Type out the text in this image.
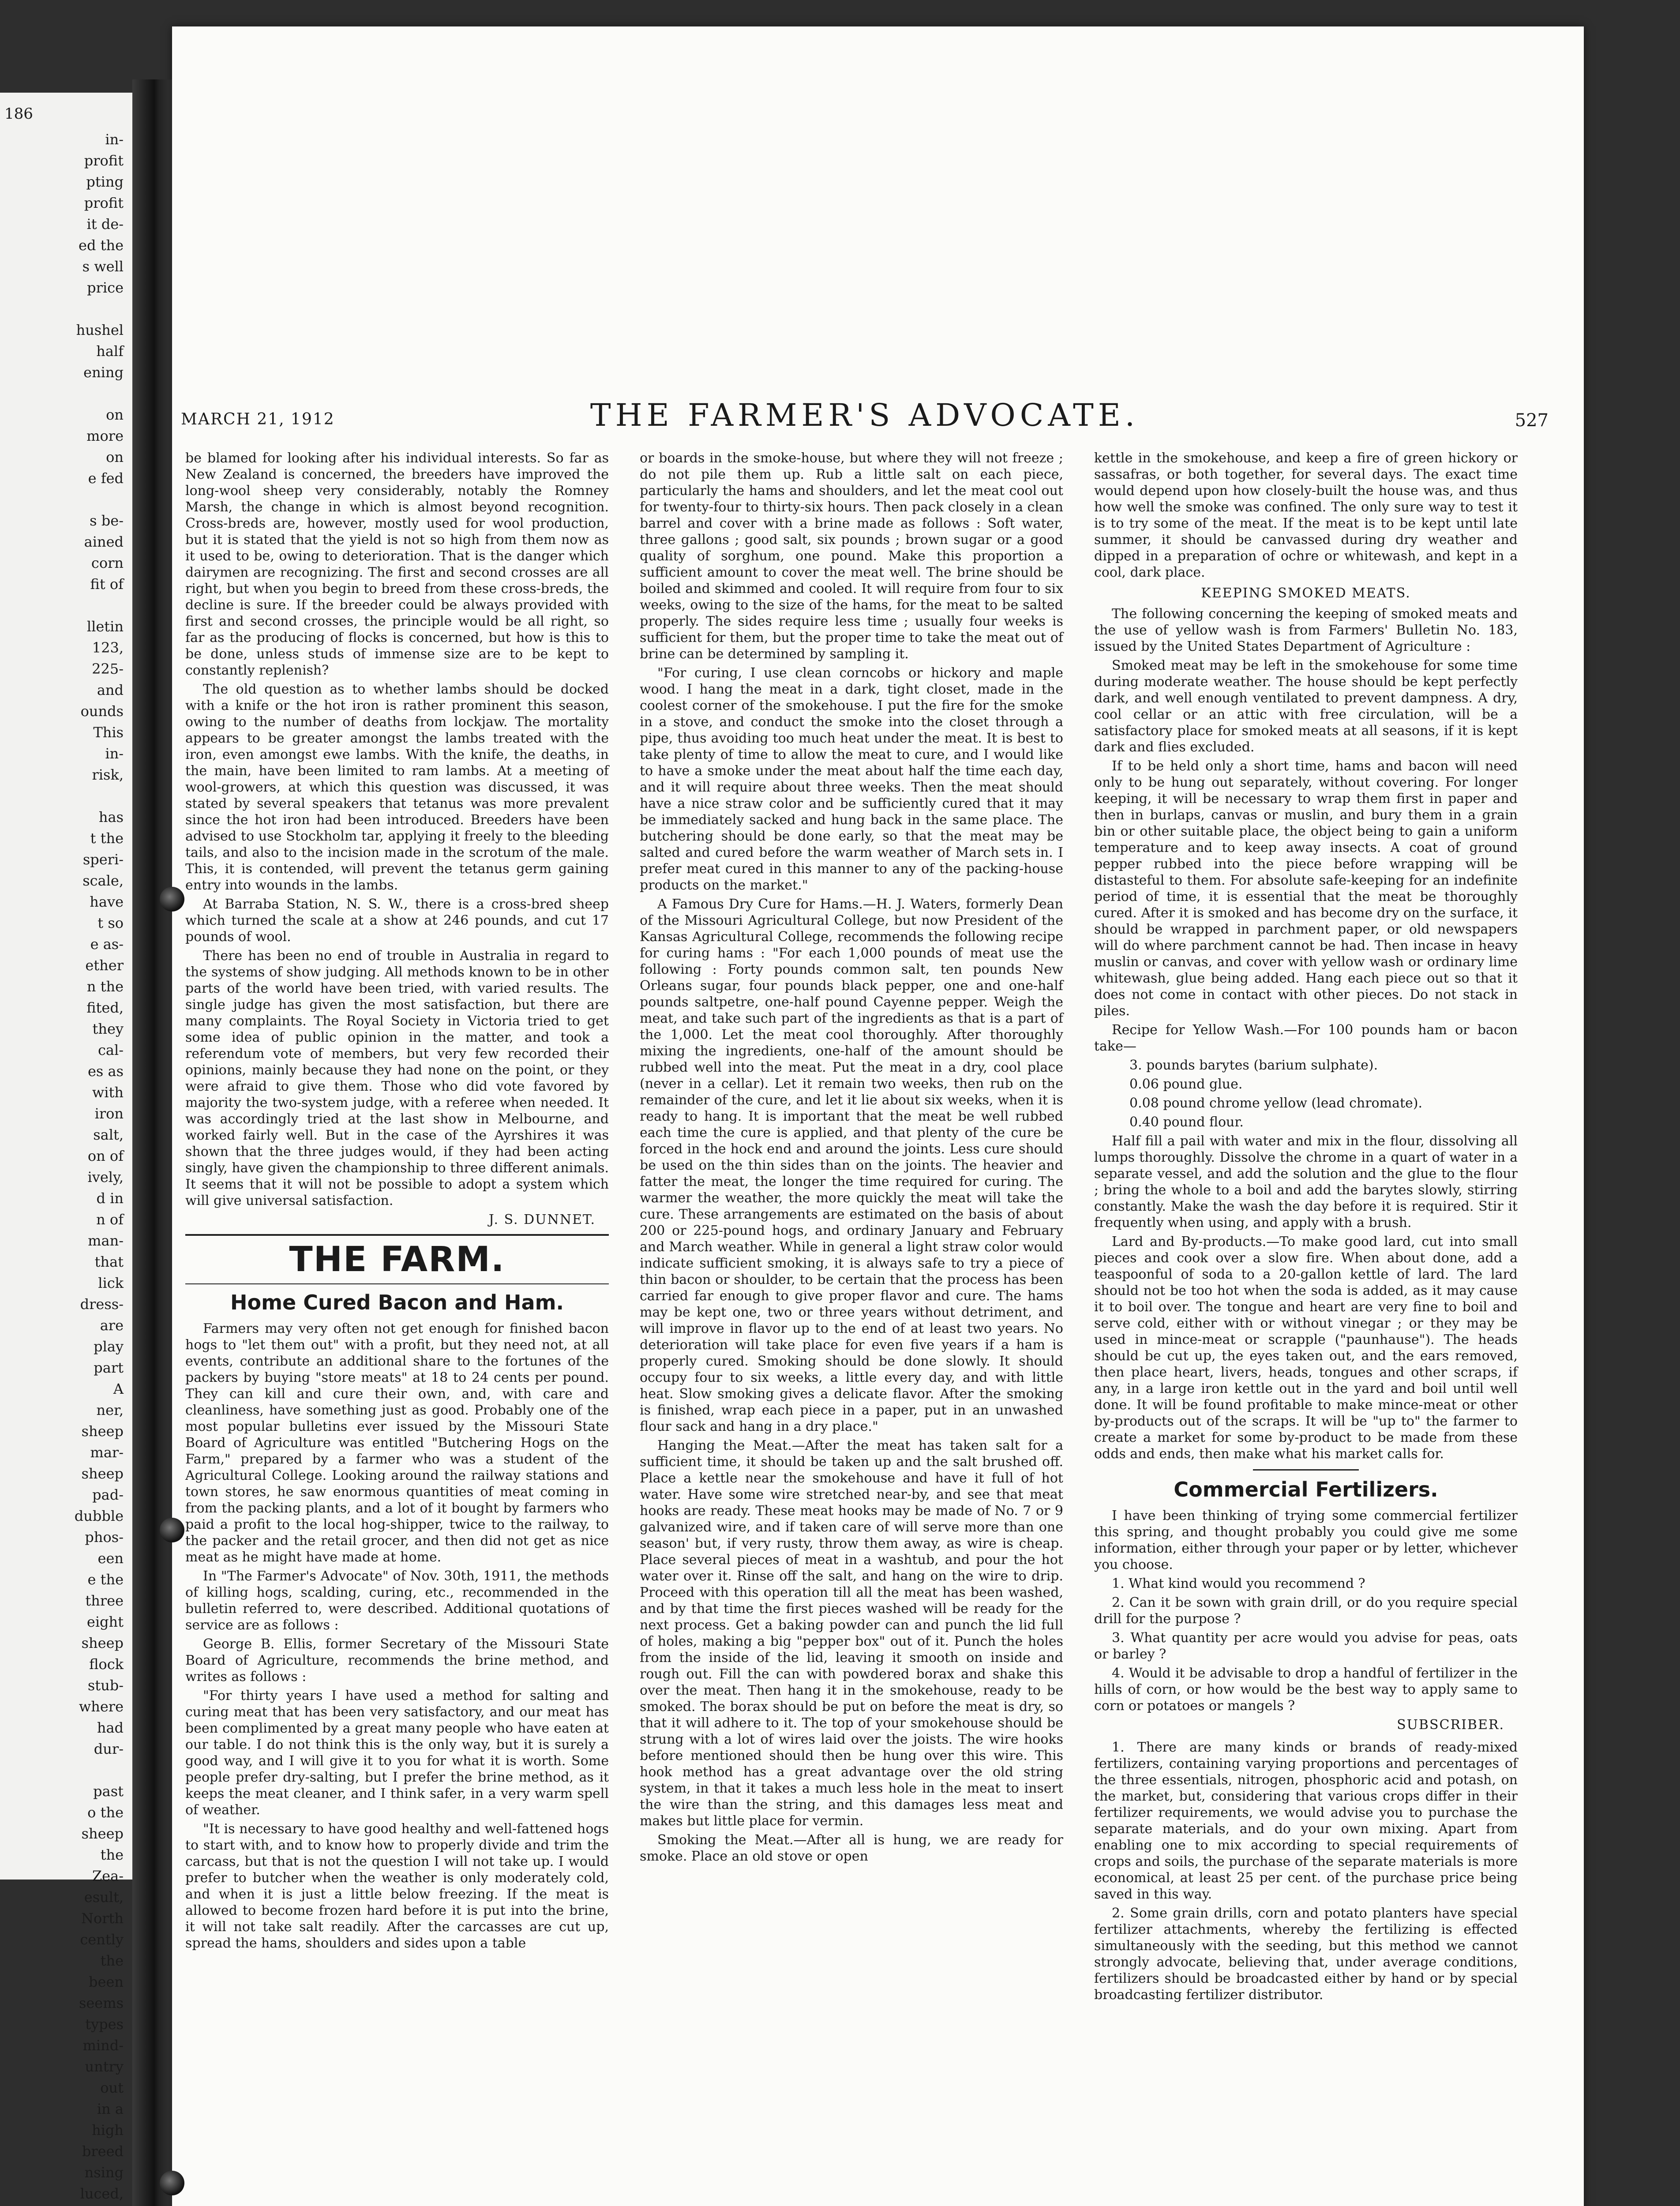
186
in-
profit
pting
profit
it de-
ed the
s well
price

hushel
half
ening

on
more
on
e fed

s be-
ained
corn
fit of

lletin
123,
225-
and
ounds
This
in-
risk,

has
t the
speri-
scale,
have
t so
e as-
ether
n the
fited,
they
cal-
es as
with
iron
salt,
on of
ively,
d in
n of
man-
that
lick
dress-
are
play
part
A
ner,
sheep
mar-
sheep
pad-
dubble
phos-
een
e the
three
eight
sheep
flock
stub-
where
had
dur-

past
o the
sheep
the
Zea-
esult,
North
cently
the
been
seems
types
mind-
untry
out
in a
high
breed
nsing
luced,

MARCH 21, 1912	THE FARMER'S ADVOCATE.	527

be blamed for looking after his individual interests. So far as New Zealand is concerned, the breeders have improved the long-wool sheep very considerably, notably the Romney Marsh, the change in which is almost beyond recognition. Cross-breds are, however, mostly used for wool production, but it is stated that the yield is not so high from them now as it used to be, owing to deterioration. That is the danger which dairymen are recognizing. The first and second crosses are all right, but when you begin to breed from these cross-breds, the decline is sure. If the breeder could be always provided with first and second crosses, the principle would be all right, so far as the producing of flocks is concerned, but how is this to be done, unless studs of immense size are to be kept to constantly replenish?

The old question as to whether lambs should be docked with a knife or the hot iron is rather prominent this season, owing to the number of deaths from lockjaw. The mortality appears to be greater amongst the lambs treated with the iron, even amongst ewe lambs. With the knife, the deaths, in the main, have been limited to ram lambs. At a meeting of wool-growers, at which this question was discussed, it was stated by several speakers that tetanus was more prevalent since the hot iron had been introduced. Breeders have been advised to use Stockholm tar, applying it freely to the bleeding tails, and also to the incision made in the scrotum of the male. This, it is contended, will prevent the tetanus germ gaining entry into wounds in the lambs.

At Barraba Station, N. S. W., there is a cross-bred sheep which turned the scale at a show at 246 pounds, and cut 17 pounds of wool.

There has been no end of trouble in Australia in regard to the systems of show judging. All methods known to be in other parts of the world have been tried, with varied results. The single judge has given the most satisfaction, but there are many complaints. The Royal Society in Victoria tried to get some idea of public opinion in the matter, and took a referendum vote of members, but very few recorded their opinions, mainly because they had none on the point, or they were afraid to give them. Those who did vote favored by majority the two-system judge, with a referee when needed. It was accordingly tried at the last show in Melbourne, and worked fairly well. But in the case of the Ayrshires it was shown that the three judges would, if they had been acting singly, have given the championship to three different animals. It seems that it will not be possible to adopt a system which will give universal satisfaction.

J. S. DUNNET.
THE FARM.
Home Cured Bacon and Ham.

Farmers may very often not get enough for finished bacon hogs to "let them out" with a profit, but they need not, at all events, contribute an additional share to the fortunes of the packers by buying "store meats" at 18 to 24 cents per pound. They can kill and cure their own, and, with care and cleanliness, have something just as good. Probably one of the most popular bulletins ever issued by the Missouri State Board of Agriculture was entitled "Butchering Hogs on the Farm," prepared by a farmer who was a student of the Agricultural College. Looking around the railway stations and town stores, he saw enormous quantities of meat coming in from the packing plants, and a lot of it bought by farmers who paid a profit to the local hog-shipper, twice to the railway, to the packer and the retail grocer, and then did not get as nice meat as he might have made at home.

In "The Farmer's Advocate" of Nov. 30th, 1911, the methods of killing hogs, scalding, curing, etc., recommended in the bulletin referred to, were described. Additional quotations of service are as follows :

George B. Ellis, former Secretary of the Missouri State Board of Agriculture, recommends the brine method, and writes as follows :

"For thirty years I have used a method for salting and curing meat that has been very satisfactory, and our meat has been complimented by a great many people who have eaten at our table. I do not think this is the only way, but it is surely a good way, and I will give it to you for what it is worth. Some people prefer dry-salting, but I prefer the brine method, as it keeps the meat cleaner, and I think safer, in a very warm spell of weather.

"It is necessary to have good healthy and well-fattened hogs to start with, and to know how to properly divide and trim the carcass, but that is not the question I will not take up. I would prefer to butcher when the weather is only moderately cold, and when it is just a little below freezing. If the meat is allowed to become frozen hard before it is put into the brine, it will not take salt readily. After the carcasses are cut up, spread the hams, shoulders and sides upon a table

or boards in the smoke-house, but where they will not freeze ; do not pile them up. Rub a little salt on each piece, particularly the hams and shoulders, and let the meat cool out for twenty-four to thirty-six hours. Then pack closely in a clean barrel and cover with a brine made as follows : Soft water, three gallons ; good salt, six pounds ; brown sugar or a good quality of sorghum, one pound. Make this proportion a sufficient amount to cover the meat well. The brine should be boiled and skimmed and cooled. It will require from four to six weeks, owing to the size of the hams, for the meat to be salted properly. The sides require less time ; usually four weeks is sufficient for them, but the proper time to take the meat out of brine can be determined by sampling it.

"For curing, I use clean corncobs or hickory and maple wood. I hang the meat in a dark, tight closet, made in the coolest corner of the smokehouse. I put the fire for the smoke in a stove, and conduct the smoke into the closet through a pipe, thus avoiding too much heat under the meat. It is best to take plenty of time to allow the meat to cure, and I would like to have a smoke under the meat about half the time each day, and it will require about three weeks. Then the meat should have a nice straw color and be sufficiently cured that it may be immediately sacked and hung back in the same place. The butchering should be done early, so that the meat may be salted and cured before the warm weather of March sets in. I prefer meat cured in this manner to any of the packing-house products on the market."

A Famous Dry Cure for Hams.—H. J. Waters, formerly Dean of the Missouri Agricultural College, but now President of the Kansas Agricultural College, recommends the following recipe for curing hams : "For each 1,000 pounds of meat use the following : Forty pounds common salt, ten pounds New Orleans sugar, four pounds black pepper, one and one-half pounds saltpetre, one-half pound Cayenne pepper. Weigh the meat, and take such part of the ingredients as that is a part of the 1,000. Let the meat cool thoroughly. After thoroughly mixing the ingredients, one-half of the amount should be rubbed well into the meat. Put the meat in a dry, cool place (never in a cellar). Let it remain two weeks, then rub on the remainder of the cure, and let it lie about six weeks, when it is ready to hang. It is important that the meat be well rubbed each time the cure is applied, and that plenty of the cure be forced in the hock end and around the joints. Less cure should be used on the thin sides than on the joints. The heavier and fatter the meat, the longer the time required for curing. The warmer the weather, the more quickly the meat will take the cure. These arrangements are estimated on the basis of about 200 or 225-pound hogs, and ordinary January and February and March weather. While in general a light straw color would indicate sufficient smoking, it is always safe to try a piece of thin bacon or shoulder, to be certain that the process has been carried far enough to give proper flavor and cure. The hams may be kept one, two or three years without detriment, and will improve in flavor up to the end of at least two years. No deterioration will take place for even five years if a ham is properly cured. Smoking should be done slowly. It should occupy four to six weeks, a little every day, and with little heat. Slow smoking gives a delicate flavor. After the smoking is finished, wrap each piece in a paper, put in an unwashed flour sack and hang in a dry place."

Hanging the Meat.—After the meat has taken salt for a sufficient time, it should be taken up and the salt brushed off. Place a kettle near the smokehouse and have it full of hot water. Have some wire stretched near-by, and see that meat hooks are ready. These meat hooks may be made of No. 7 or 9 galvanized wire, and if taken care of will serve more than one season' but, if very rusty, throw them away, as wire is cheap. Place several pieces of meat in a washtub, and pour the hot water over it. Rinse off the salt, and hang on the wire to drip. Proceed with this operation till all the meat has been washed, and by that time the first pieces washed will be ready for the next process. Get a baking powder can and punch the lid full of holes, making a big "pepper box" out of it. Punch the holes from the inside of the lid, leaving it smooth on inside and rough out. Fill the can with powdered borax and shake this over the meat. Then hang it in the smokehouse, ready to be smoked. The borax should be put on before the meat is dry, so that it will adhere to it. The top of your smokehouse should be strung with a lot of wires laid over the joists. The wire hooks before mentioned should then be hung over this wire. This hook method has a great advantage over the old string system, in that it takes a much less hole in the meat to insert the wire than the string, and this damages less meat and makes but little place for vermin.

Smoking the Meat.—After all is hung, we are ready for smoke. Place an old stove or open

kettle in the smokehouse, and keep a fire of green hickory or sassafras, or both together, for several days. The exact time would depend upon how closely-built the house was, and thus how well the smoke was confined. The only sure way to test it is to try some of the meat. If the meat is to be kept until late summer, it should be canvassed during dry weather and dipped in a preparation of ochre or whitewash, and kept in a cool, dark place.

KEEPING SMOKED MEATS.

The following concerning the keeping of smoked meats and the use of yellow wash is from Farmers' Bulletin No. 183, issued by the United States Department of Agriculture :

Smoked meat may be left in the smokehouse for some time during moderate weather. The house should be kept perfectly dark, and well enough ventilated to prevent dampness. A dry, cool cellar or an attic with free circulation, will be a satisfactory place for smoked meats at all seasons, if it is kept dark and flies excluded.

If to be held only a short time, hams and bacon will need only to be hung out separately, without covering. For longer keeping, it will be necessary to wrap them first in paper and then in burlaps, canvas or muslin, and bury them in a grain bin or other suitable place, the object being to gain a uniform temperature and to keep away insects. A coat of ground pepper rubbed into the piece before wrapping will be distasteful to them. For absolute safe-keeping for an indefinite period of time, it is essential that the meat be thoroughly cured. After it is smoked and has become dry on the surface, it should be wrapped in parchment paper, or old newspapers will do where parchment cannot be had. Then incase in heavy muslin or canvas, and cover with yellow wash or ordinary lime whitewash, glue being added. Hang each piece out so that it does not come in contact with other pieces. Do not stack in piles.

Recipe for Yellow Wash.—For 100 pounds ham or bacon take—

3. pounds barytes (barium sulphate).

0.06 pound glue.

0.08 pound chrome yellow (lead chromate).

0.40 pound flour.

Half fill a pail with water and mix in the flour, dissolving all lumps thoroughly. Dissolve the chrome in a quart of water in a separate vessel, and add the solution and the glue to the flour ; bring the whole to a boil and add the barytes slowly, stirring constantly. Make the wash the day before it is required. Stir it frequently when using, and apply with a brush.

Lard and By-products.—To make good lard, cut into small pieces and cook over a slow fire. When about done, add a teaspoonful of soda to a 20-gallon kettle of lard. The lard should not be too hot when the soda is added, as it may cause it to boil over. The tongue and heart are very fine to boil and serve cold, either with or without vinegar ; or they may be used in mince-meat or scrapple ("paunhause"). The heads should be cut up, the eyes taken out, and the ears removed, then place heart, livers, heads, tongues and other scraps, if any, in a large iron kettle out in the yard and boil until well done. It will be found profitable to make mince-meat or other by-products out of the scraps. It will be "up to" the farmer to create a market for some by-product to be made from these odds and ends, then make what his market calls for.

Commercial Fertilizers.

I have been thinking of trying some commercial fertilizer this spring, and thought probably you could give me some information, either through your paper or by letter, whichever you choose.

1. What kind would you recommend ?

2. Can it be sown with grain drill, or do you require special drill for the purpose ?

3. What quantity per acre would you advise for peas, oats or barley ?

4. Would it be advisable to drop a handful of fertilizer in the hills of corn, or how would be the best way to apply same to corn or potatoes or mangels ?

SUBSCRIBER.

1. There are many kinds or brands of ready-mixed fertilizers, containing varying proportions and percentages of the three essentials, nitrogen, phosphoric acid and potash, on the market, but, considering that various crops differ in their fertilizer requirements, we would advise you to purchase the separate materials, and do your own mixing. Apart from enabling one to mix according to special requirements of crops and soils, the purchase of the separate materials is more economical, at least 25 per cent. of the purchase price being saved in this way.

2. Some grain drills, corn and potato planters have special fertilizer attachments, whereby the fertilizing is effected simultaneously with the seeding, but this method we cannot strongly advocate, believing that, under average conditions, fertilizers should be broadcasted either by hand or by special broadcasting fertilizer distributor.
